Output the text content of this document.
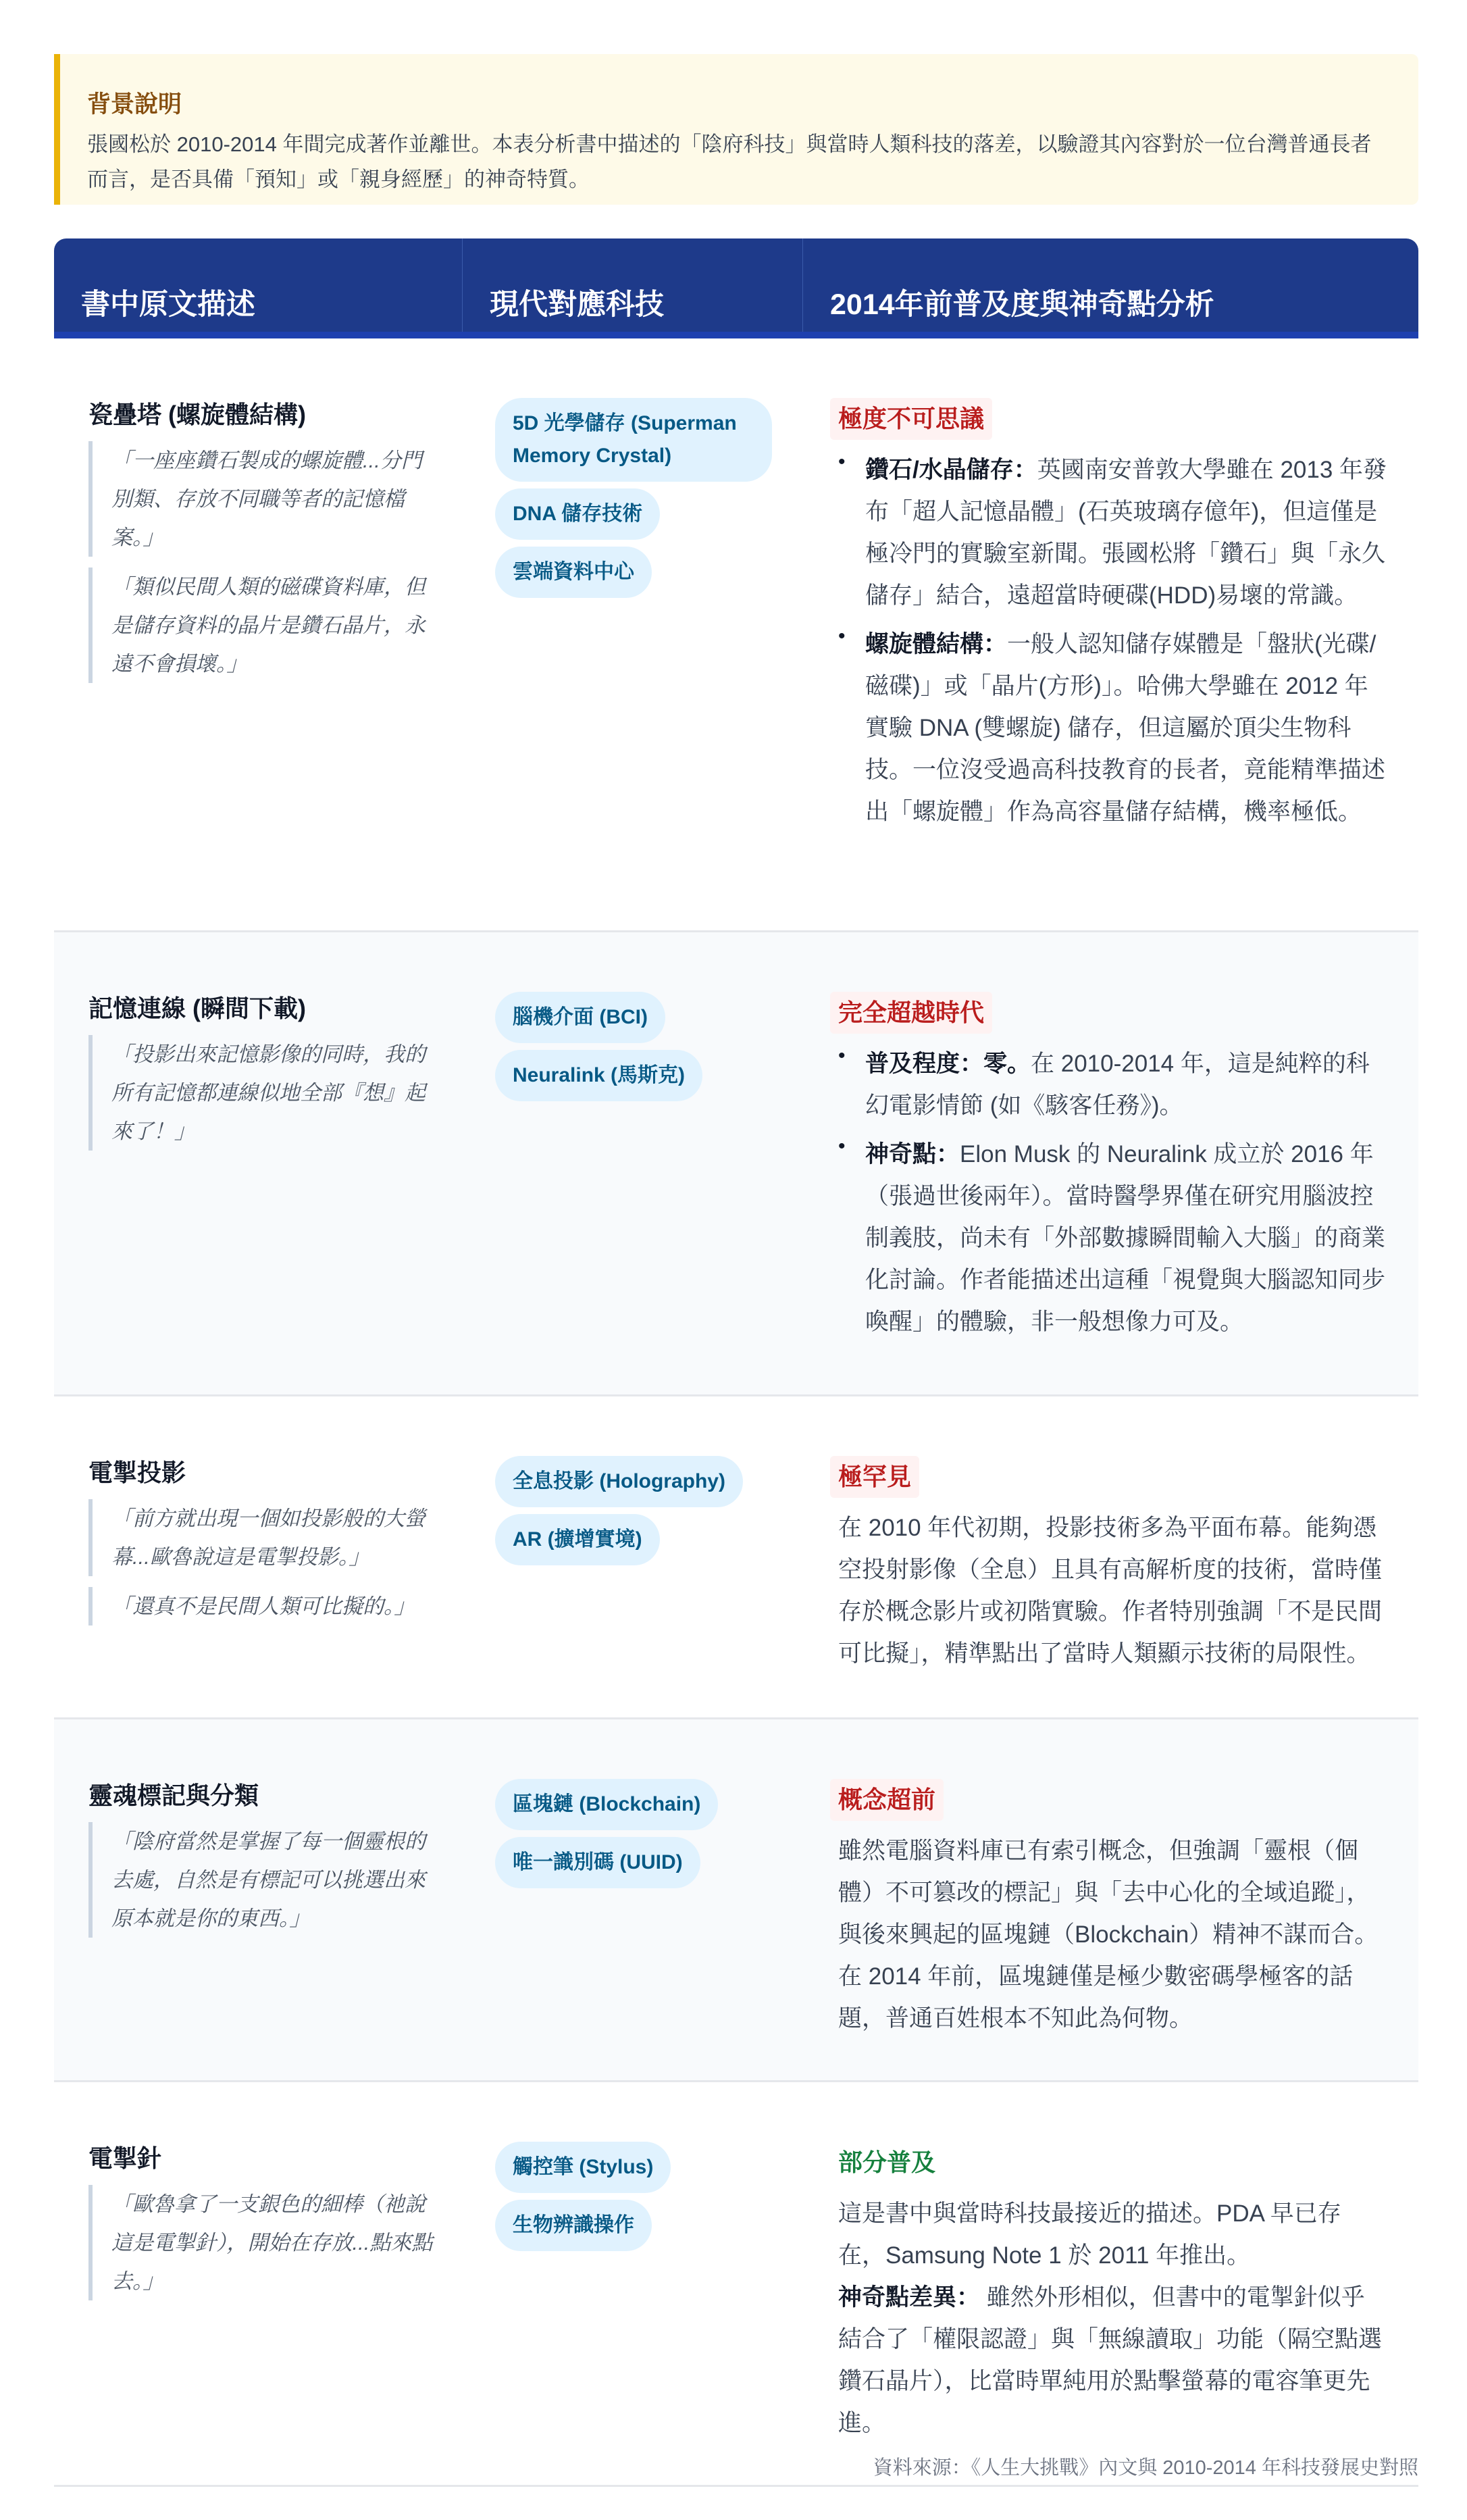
背景說明
張國松於 2010-2014 年間完成著作並離世。本表分析書中描述的「陰府科技」與當時人類科技的落差，以驗證其內容對於一位台灣普通長者而言，是否具備「預知」或「親身經歷」的神奇特質。
書中原文描述	現代對應科技	2014年前普及度與神奇點分析
瓷疊塔 (螺旋體結構)
「一座座鑽石製成的螺旋體...分門別類、存放不同職等者的記憶檔案。」
「類似民間人類的磁碟資料庫，但是儲存資料的晶片是鑽石晶片，永遠不會損壞。」
5D 光學儲存 (Superman Memory Crystal)
DNA 儲存技術
雲端資料中心
極度不可思議
• 鑽石/水晶儲存：英國南安普敦大學雖在 2013 年發布「超人記憶晶體」(石英玻璃存億年)，但這僅是極冷門的實驗室新聞。張國松將「鑽石」與「永久儲存」結合，遠超當時硬碟(HDD)易壞的常識。
• 螺旋體結構：一般人認知儲存媒體是「盤狀(光碟/磁碟)」或「晶片(方形)」。哈佛大學雖在 2012 年實驗 DNA (雙螺旋) 儲存，但這屬於頂尖生物科技。一位沒受過高科技教育的長者，竟能精準描述出「螺旋體」作為高容量儲存結構，機率極低。
記憶連線 (瞬間下載)
「投影出來記憶影像的同時，我的所有記憶都連線似地全部『想』起來了！」
腦機介面 (BCI)
Neuralink (馬斯克)
完全超越時代
• 普及程度：零。在 2010-2014 年，這是純粹的科幻電影情節 (如《駭客任務》)。
• 神奇點：Elon Musk 的 Neuralink 成立於 2016 年（張過世後兩年）。當時醫學界僅在研究用腦波控制義肢，尚未有「外部數據瞬間輸入大腦」的商業化討論。作者能描述出這種「視覺與大腦認知同步喚醒」的體驗，非一般想像力可及。
電掣投影
「前方就出現一個如投影般的大螢幕...歐魯說這是電掣投影。」
「還真不是民間人類可比擬的。」
全息投影 (Holography)
AR (擴增實境)
極罕見
在 2010 年代初期，投影技術多為平面布幕。能夠憑空投射影像（全息）且具有高解析度的技術，當時僅存於概念影片或初階實驗。作者特別強調「不是民間可比擬」，精準點出了當時人類顯示技術的局限性。
靈魂標記與分類
「陰府當然是掌握了每一個靈根的去處，自然是有標記可以挑選出來原本就是你的東西。」
區塊鏈 (Blockchain)
唯一識別碼 (UUID)
概念超前
雖然電腦資料庫已有索引概念，但強調「靈根（個體）不可篡改的標記」與「去中心化的全域追蹤」，與後來興起的區塊鏈（Blockchain）精神不謀而合。在 2014 年前，區塊鏈僅是極少數密碼學極客的話題，普通百姓根本不知此為何物。
電掣針
「歐魯拿了一支銀色的細棒（祂說這是電掣針），開始在存放...點來點去。」
觸控筆 (Stylus)
生物辨識操作
部分普及
這是書中與當時科技最接近的描述。PDA 早已存在，Samsung Note 1 於 2011 年推出。
神奇點差異： 雖然外形相似，但書中的電掣針似乎結合了「權限認證」與「無線讀取」功能（隔空點選鑽石晶片），比當時單純用於點擊螢幕的電容筆更先進。
資料來源：《人生大挑戰》內文與 2010-2014 年科技發展史對照
